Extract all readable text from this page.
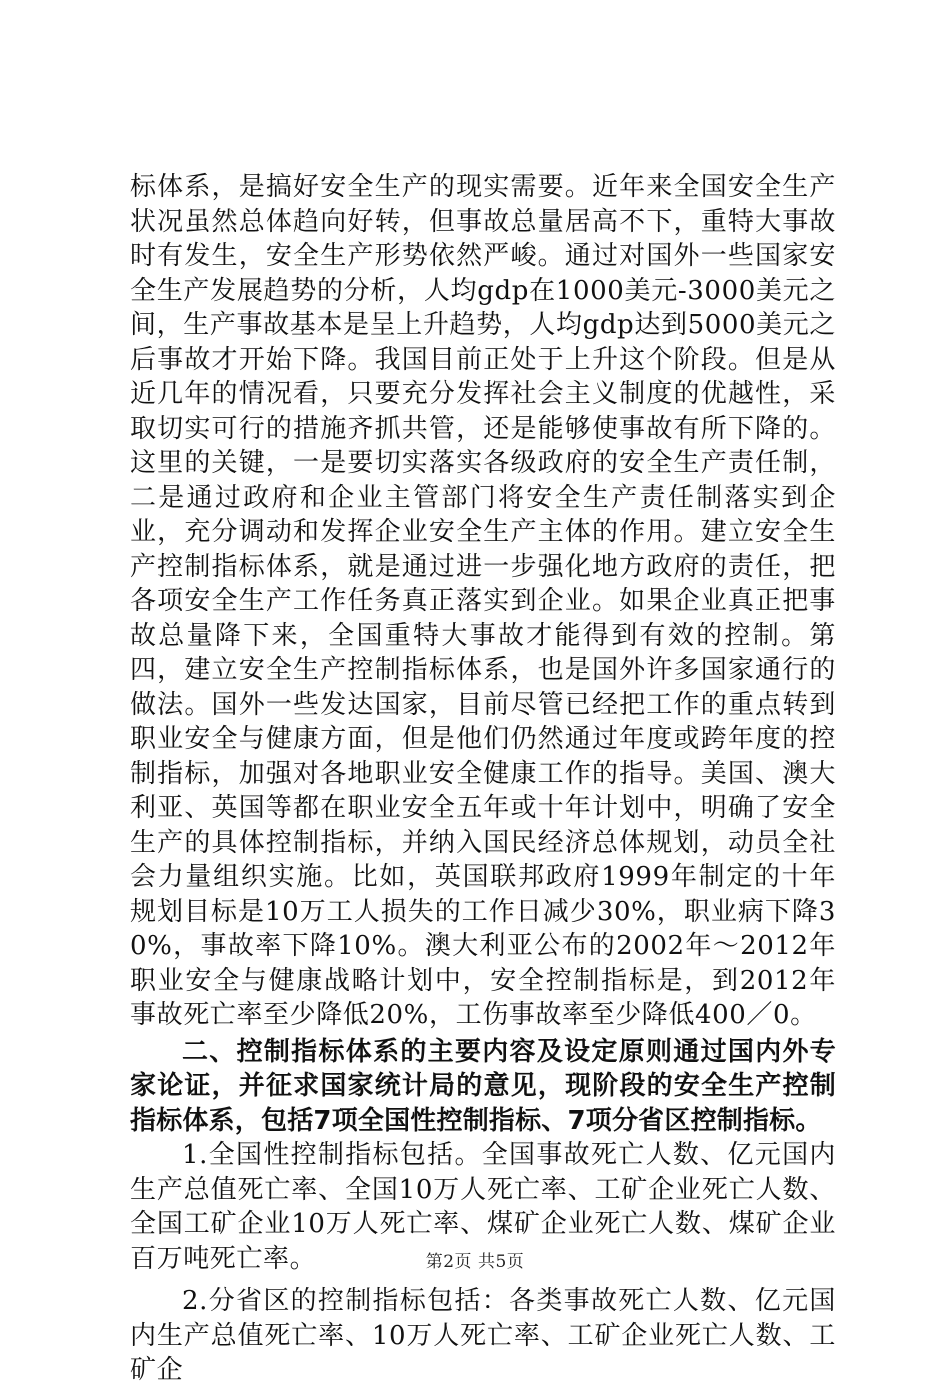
标体系，是搞好安全生产的现实需要。近年来全国安全生产状况虽然总体趋向好转，但事故总量居高不下，重特大事故时有发生，安全生产形势依然严峻。通过对国外一些国家安全生产发展趋势的分析，人均gdp在1000美元-3000美元之间，生产事故基本是呈上升趋势，人均gdp达到5000美元之后事故才开始下降。我国目前正处于上升这个阶段。但是从近几年的情况看，只要充分发挥社会主义制度的优越性，采取切实可行的措施齐抓共管，还是能够使事故有所下降的。这里的关键，一是要切实落实各级政府的安全生产责任制，二是通过政府和企业主管部门将安全生产责任制落实到企业，充分调动和发挥企业安全生产主体的作用。建立安全生产控制指标体系，就是通过进一步强化地方政府的责任，把各项安全生产工作任务真正落实到企业。如果企业真正把事故总量降下来，全国重特大事故才能得到有效的控制。第四，建立安全生产控制指标体系，也是国外许多国家通行的做法。国外一些发达国家，目前尽管已经把工作的重点转到职业安全与健康方面，但是他们仍然通过年度或跨年度的控制指标，加强对各地职业安全健康工作的指导。美国、澳大利亚、英国等都在职业安全五年或十年计划中，明确了安全生产的具体控制指标，并纳入国民经济总体规划，动员全社会力量组织实施。比如，英国联邦政府1999年制定的十年规划目标是10万工人损失的工作日减少30%，职业病下降30%，事故率下降10%。澳大利亚公布的2002年～2012年职业安全与健康战略计划中，安全控制指标是，到2012年事故死亡率至少降低20%，工伤事故率至少降低400／0。

二、控制指标体系的主要内容及设定原则通过国内外专家论证，并征求国家统计局的意见，现阶段的安全生产控制指标体系，包括7项全国性控制指标、7项分省区控制指标。

1.全国性控制指标包括。全国事故死亡人数、亿元国内生产总值死亡率、全国10万人死亡率、工矿企业死亡人数、全国工矿企业10万人死亡率、煤矿企业死亡人数、煤矿企业百万吨死亡率。

2.分省区的控制指标包括：各类事故死亡人数、亿元国内生产总值死亡率、10万人死亡率、工矿企业死亡人数、工矿企

第2页 共5页
